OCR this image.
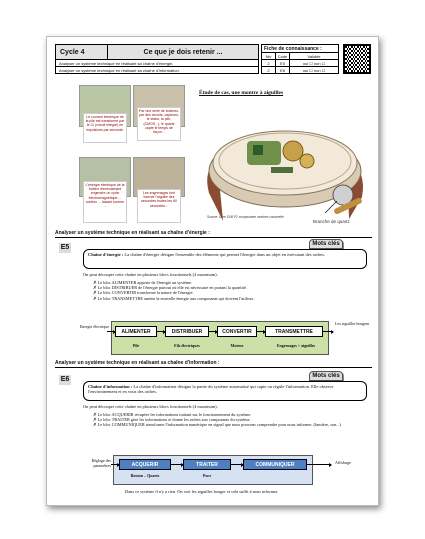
Cycle 4	Ce que je dois retenir ...
Analyser un système technique en réalisant sa chaîne d'énergie.
Analyser un système technique en réalisant sa chaîne d'information.
Fiche de connaissance :
Niv	Code	Validée
2	E5	oui ☐ non ☐
2	E6	oui ☐ non ☐
Le courant électrique de la pile est transformé par le CI (circuit intégré) en impulsions par seconde.
Par une série de bobines, par des circuits, capteurs, le stator, la pile, (CMOS...), le quartz capte le temps de façon...
L'énergie électrique de la bobine électroaimant engendre un cycle électromagnétique ... continu ... faisant tourner ...
Les engrenages font tourner l'aiguille des secondes toutes les 60 secondes...
Étude de cas, une montre à aiguilles
Source: Livre SVB P2 composante montres casserelle
Branche de quartz
Analyser un système technique en réalisant sa chaîne d'énergie :
E5	Mots clés
Chaîne d'énergie : La chaîne d'énergie désigne l'ensemble des éléments qui permet l'énergie dans un objet en exécutant des ordres.
On peut découper cette chaîne en plusieurs blocs fonctionnels (4 maximum).
✗ Le bloc ALIMENTER apporte de l'énergie au système.
✗ Le bloc DISTRIBUER de l'énergie partout où elle est nécessaire en portant la quantité.
✗ Le bloc CONVERTIR transforme la nature de l'énergie.
✗ Le bloc TRANSMETTRE amène la nouvelle énergie aux composants qui doivent l'utiliser.
Energie électrique
ALIMENTER	DISTRIBUER	CONVERTIR	TRANSMETTRE
Les aiguilles bougent
Pile	Fils électriques	Moteur	Engrenages + aiguilles
Analyser un système technique en réalisant sa chaîne d'information :
E6	Mots clés
Chaîne d'information : La chaîne d'information désigne la partie du système automatisé qui capte ou régule l'information. Elle observe l'environnement et en vous des ordres.
On peut découper cette chaîne en plusieurs blocs fonctionnels (4 maximum).
✗ Le bloc ACQUERIR récupère les informations traitant sur le fonctionnement du système.
✗ Le bloc TRAITER gère les informations et donne les ordres aux composants du système.
✗ Le bloc COMMUNIQUER transforme l'information numérique en signal que nous pouvons comprendre pour nous informer. (lumière, son...)
Réglage des paramètres	ACQUERIR	TRAITER	COMMUNIQUER	Affichage
Bouton – Quartz	Puce
Dans ce système il n'y a rien. On voit les aiguilles bouger et cela suffit à nous informer.
